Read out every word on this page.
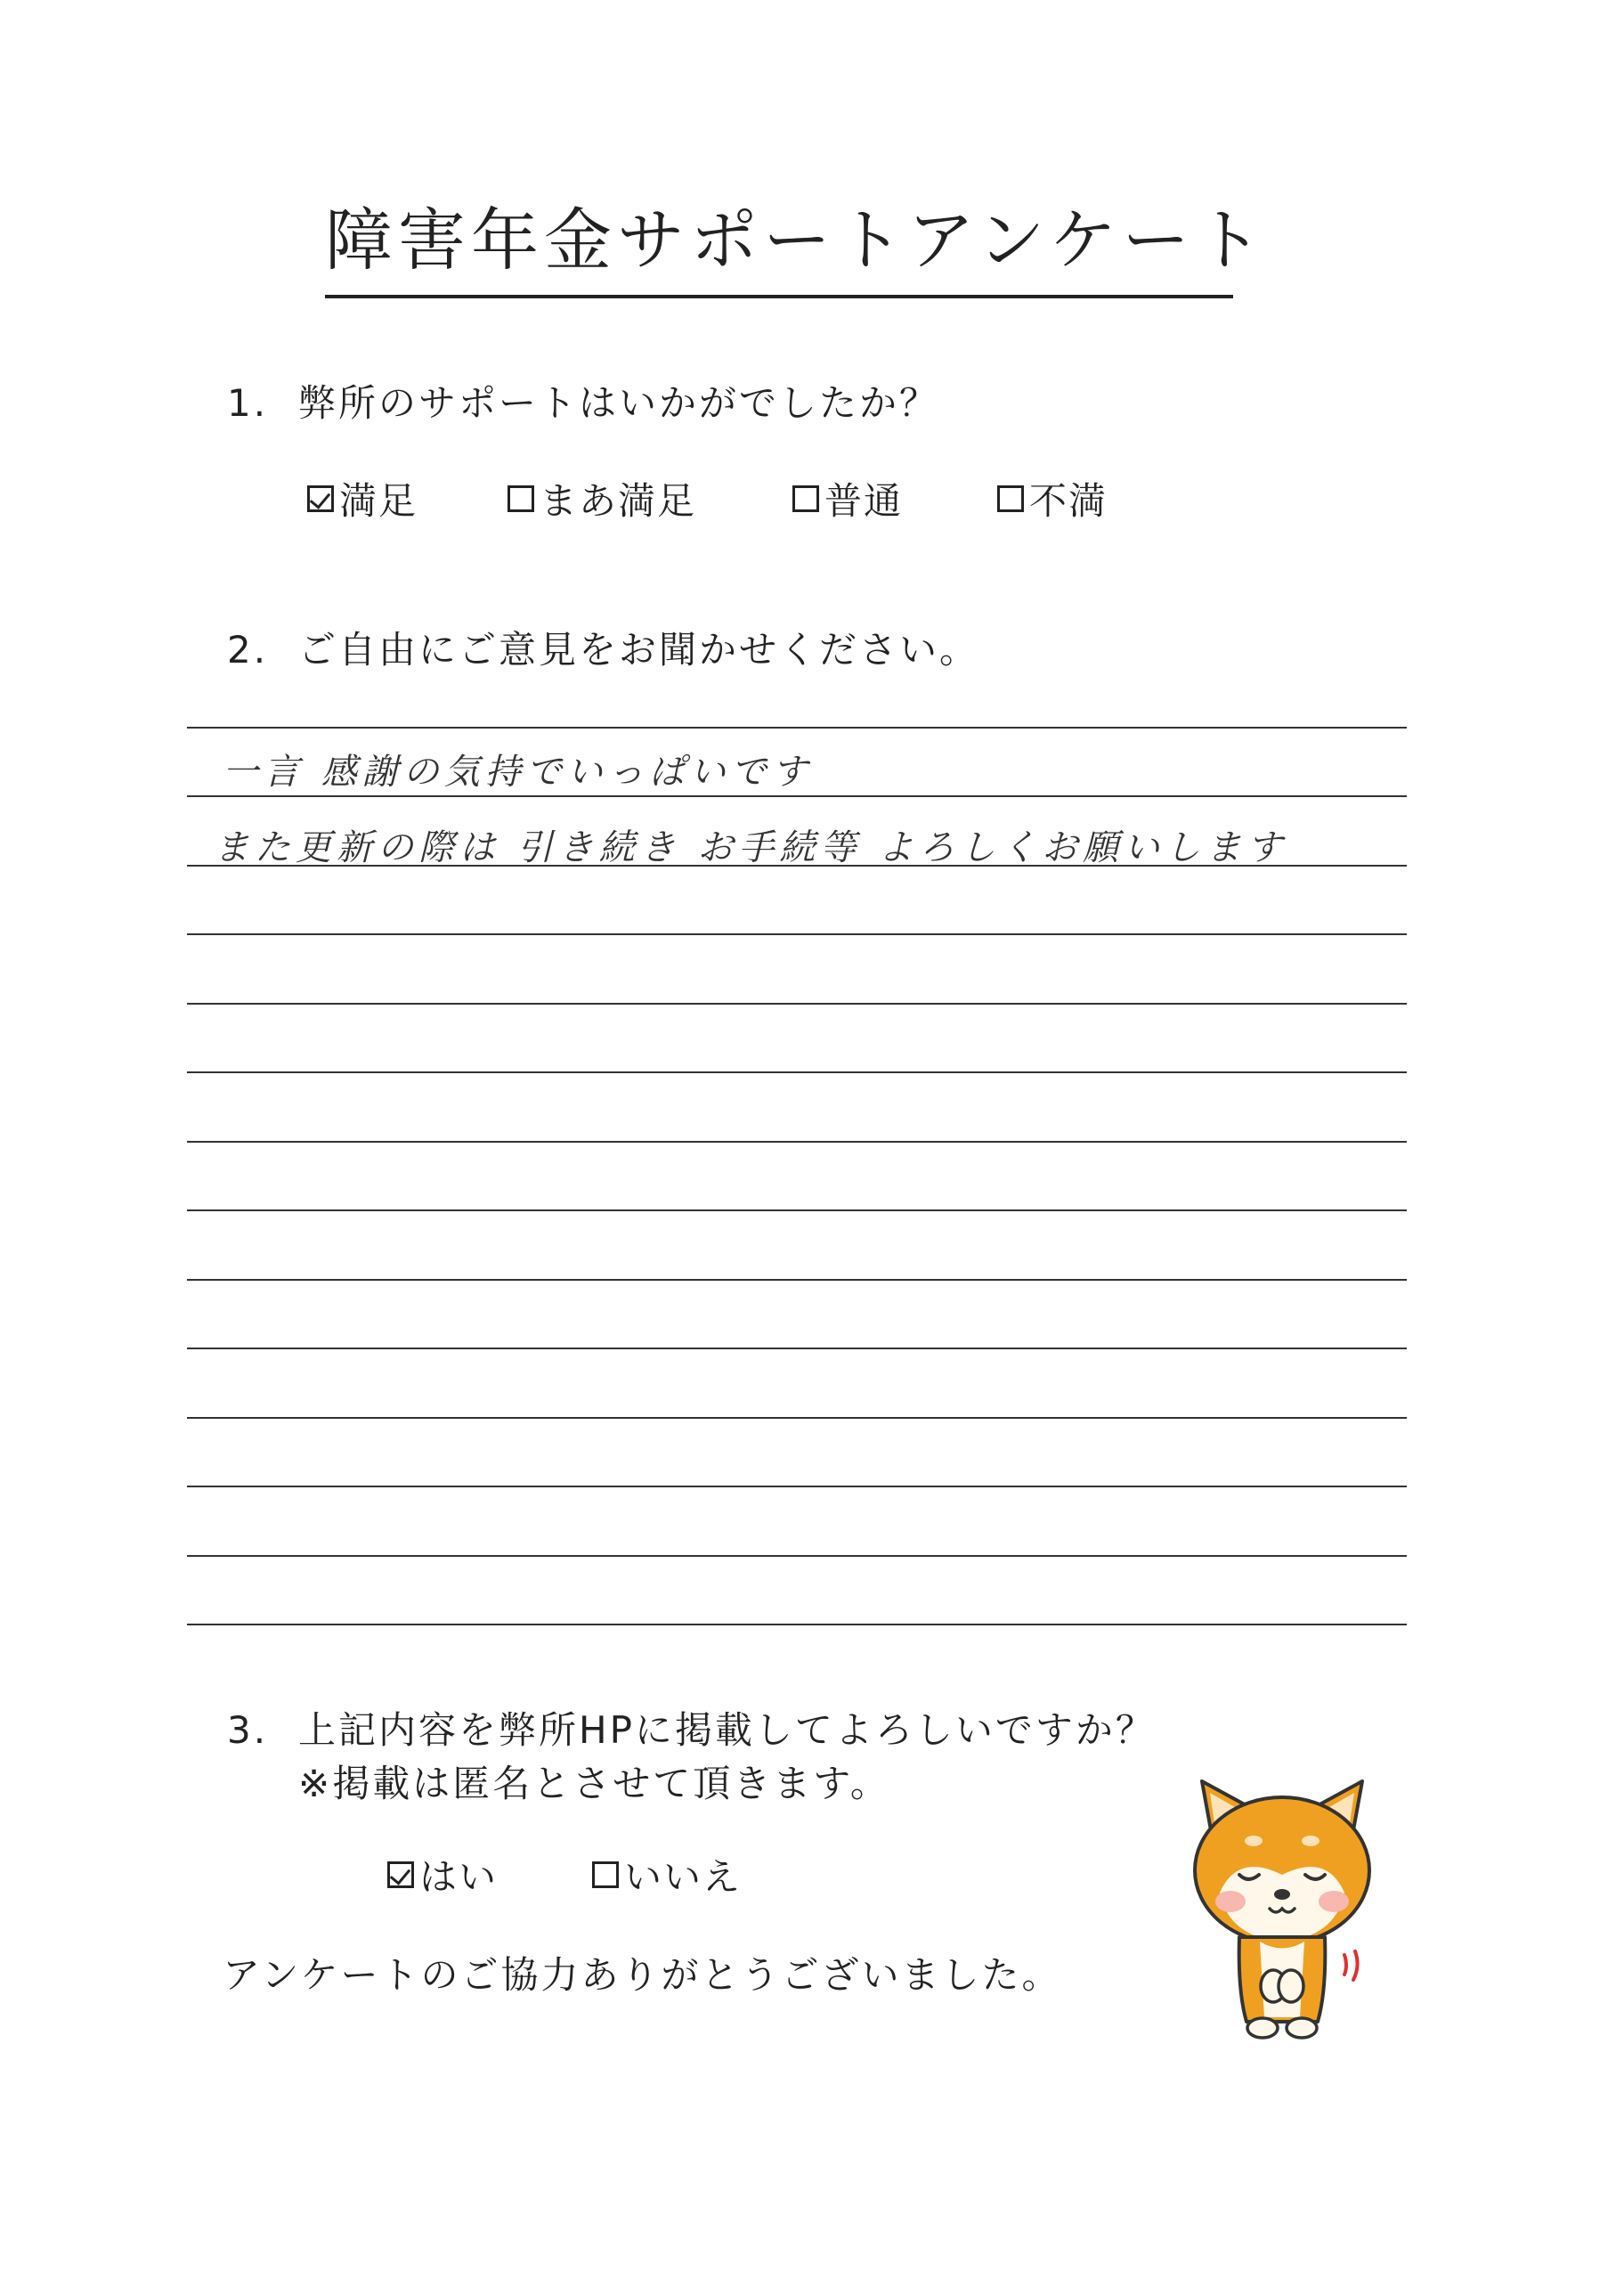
障害年金サポートアンケート
1. 弊所のサポートはいかがでしたか？
満足	まあ満足	普通	不満
2. ご自由にご意見をお聞かせください。
一言 感謝の気持でいっぱいです
また更新の際は 引き続き お手続等 よろしくお願いします
3. 上記内容を弊所HPに掲載してよろしいですか？
※掲載は匿名とさせて頂きます。
はい	いいえ
アンケートのご協力ありがとうございました。
